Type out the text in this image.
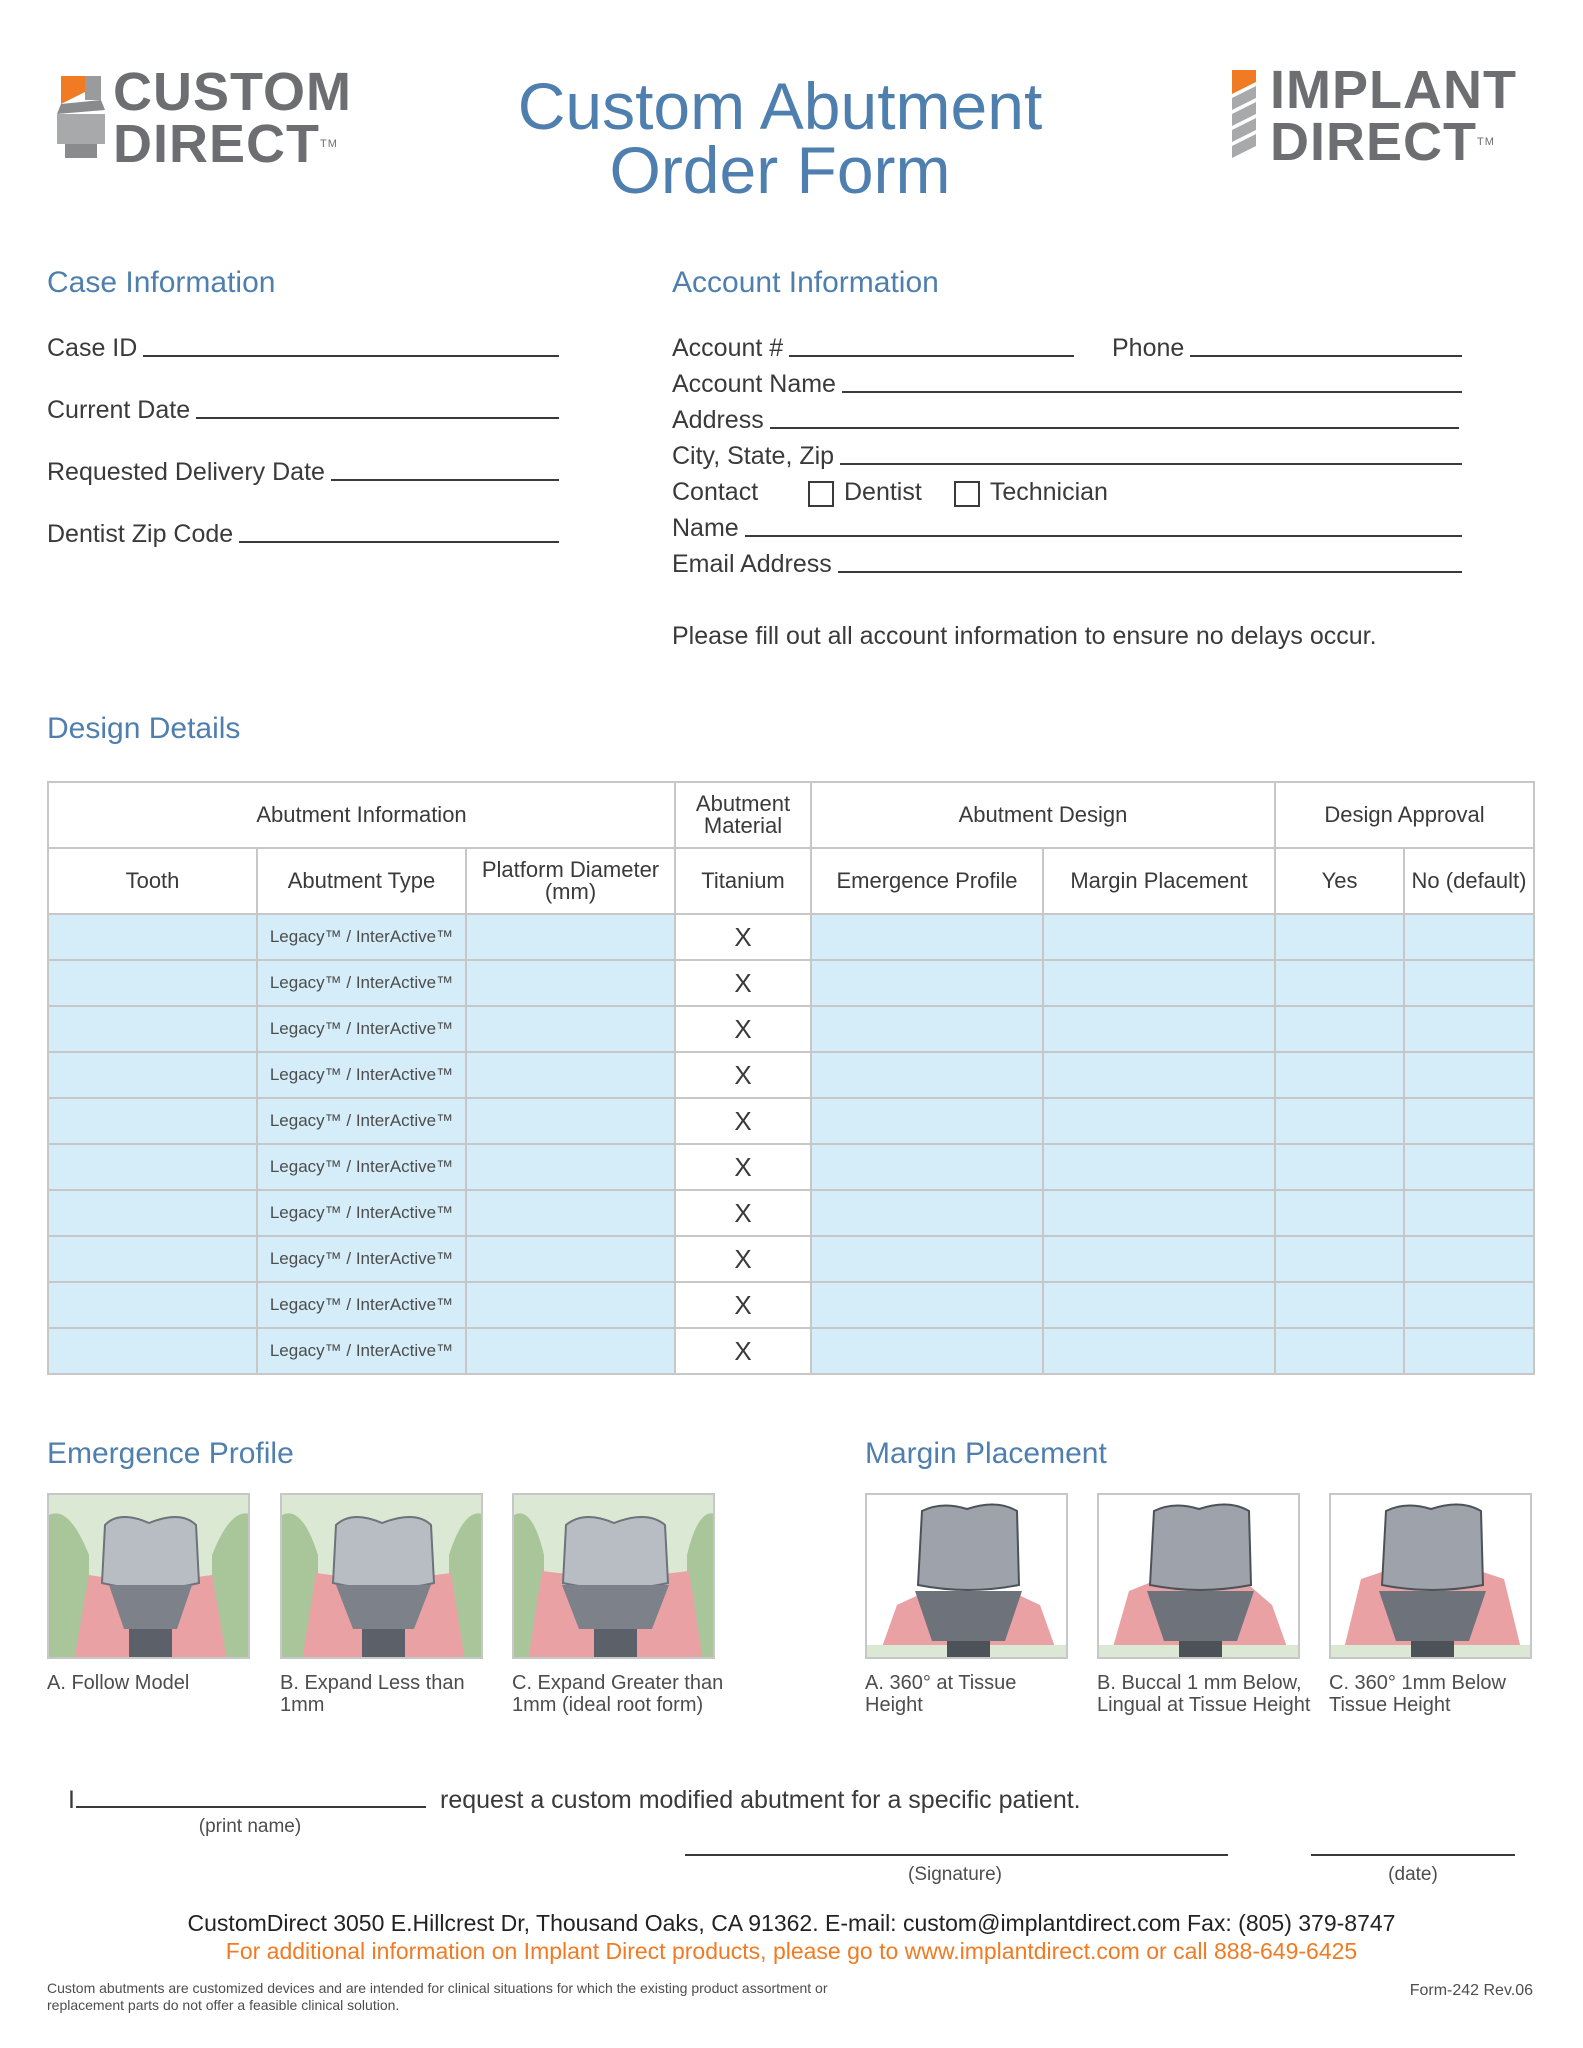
CUSTOM
DIRECT™
Custom Abutment
Order Form
IMPLANT
DIRECT™
Case Information
Case ID
Current Date
Requested Delivery Date
Dentist Zip Code
Account Information
Account #	Phone
Account Name
Address
City, State, Zip
Contact	Dentist	Technician
Name
Email Address
Please fill out all account information to ensure no delays occur.
Design Details
Abutment Information			Abutment Material	Abutment Design		Design Approval	
Tooth	Abutment Type	Platform Diameter (mm)	Titanium	Emergence Profile	Margin Placement	Yes	No (default)
	Legacy™ / InterActive™		X				
	Legacy™ / InterActive™		X				
	Legacy™ / InterActive™		X				
	Legacy™ / InterActive™		X				
	Legacy™ / InterActive™		X				
	Legacy™ / InterActive™		X				
	Legacy™ / InterActive™		X				
	Legacy™ / InterActive™		X				
	Legacy™ / InterActive™		X				
	Legacy™ / InterActive™		X				
Emergence Profile
A. Follow Model	B. Expand Less than 1mm
C. Expand Greater than 1mm (ideal root form)
Margin Placement
A. 360° at Tissue Height
B. Buccal 1 mm Below, Lingual at Tissue Height
C. 360° 1mm Below Tissue Height
I	request a custom modified abutment for a specific patient.
(print name)
(Signature)	(date)
CustomDirect 3050 E.Hillcrest Dr, Thousand Oaks, CA 91362. E-mail: custom@implantdirect.com Fax: (805) 379-8747
For additional information on Implant Direct products, please go to www.implantdirect.com or call 888-649-6425
Custom abutments are customized devices and are intended for clinical situations for which the existing product assortment or replacement parts do not offer a feasible clinical solution.
Form-242 Rev.06
